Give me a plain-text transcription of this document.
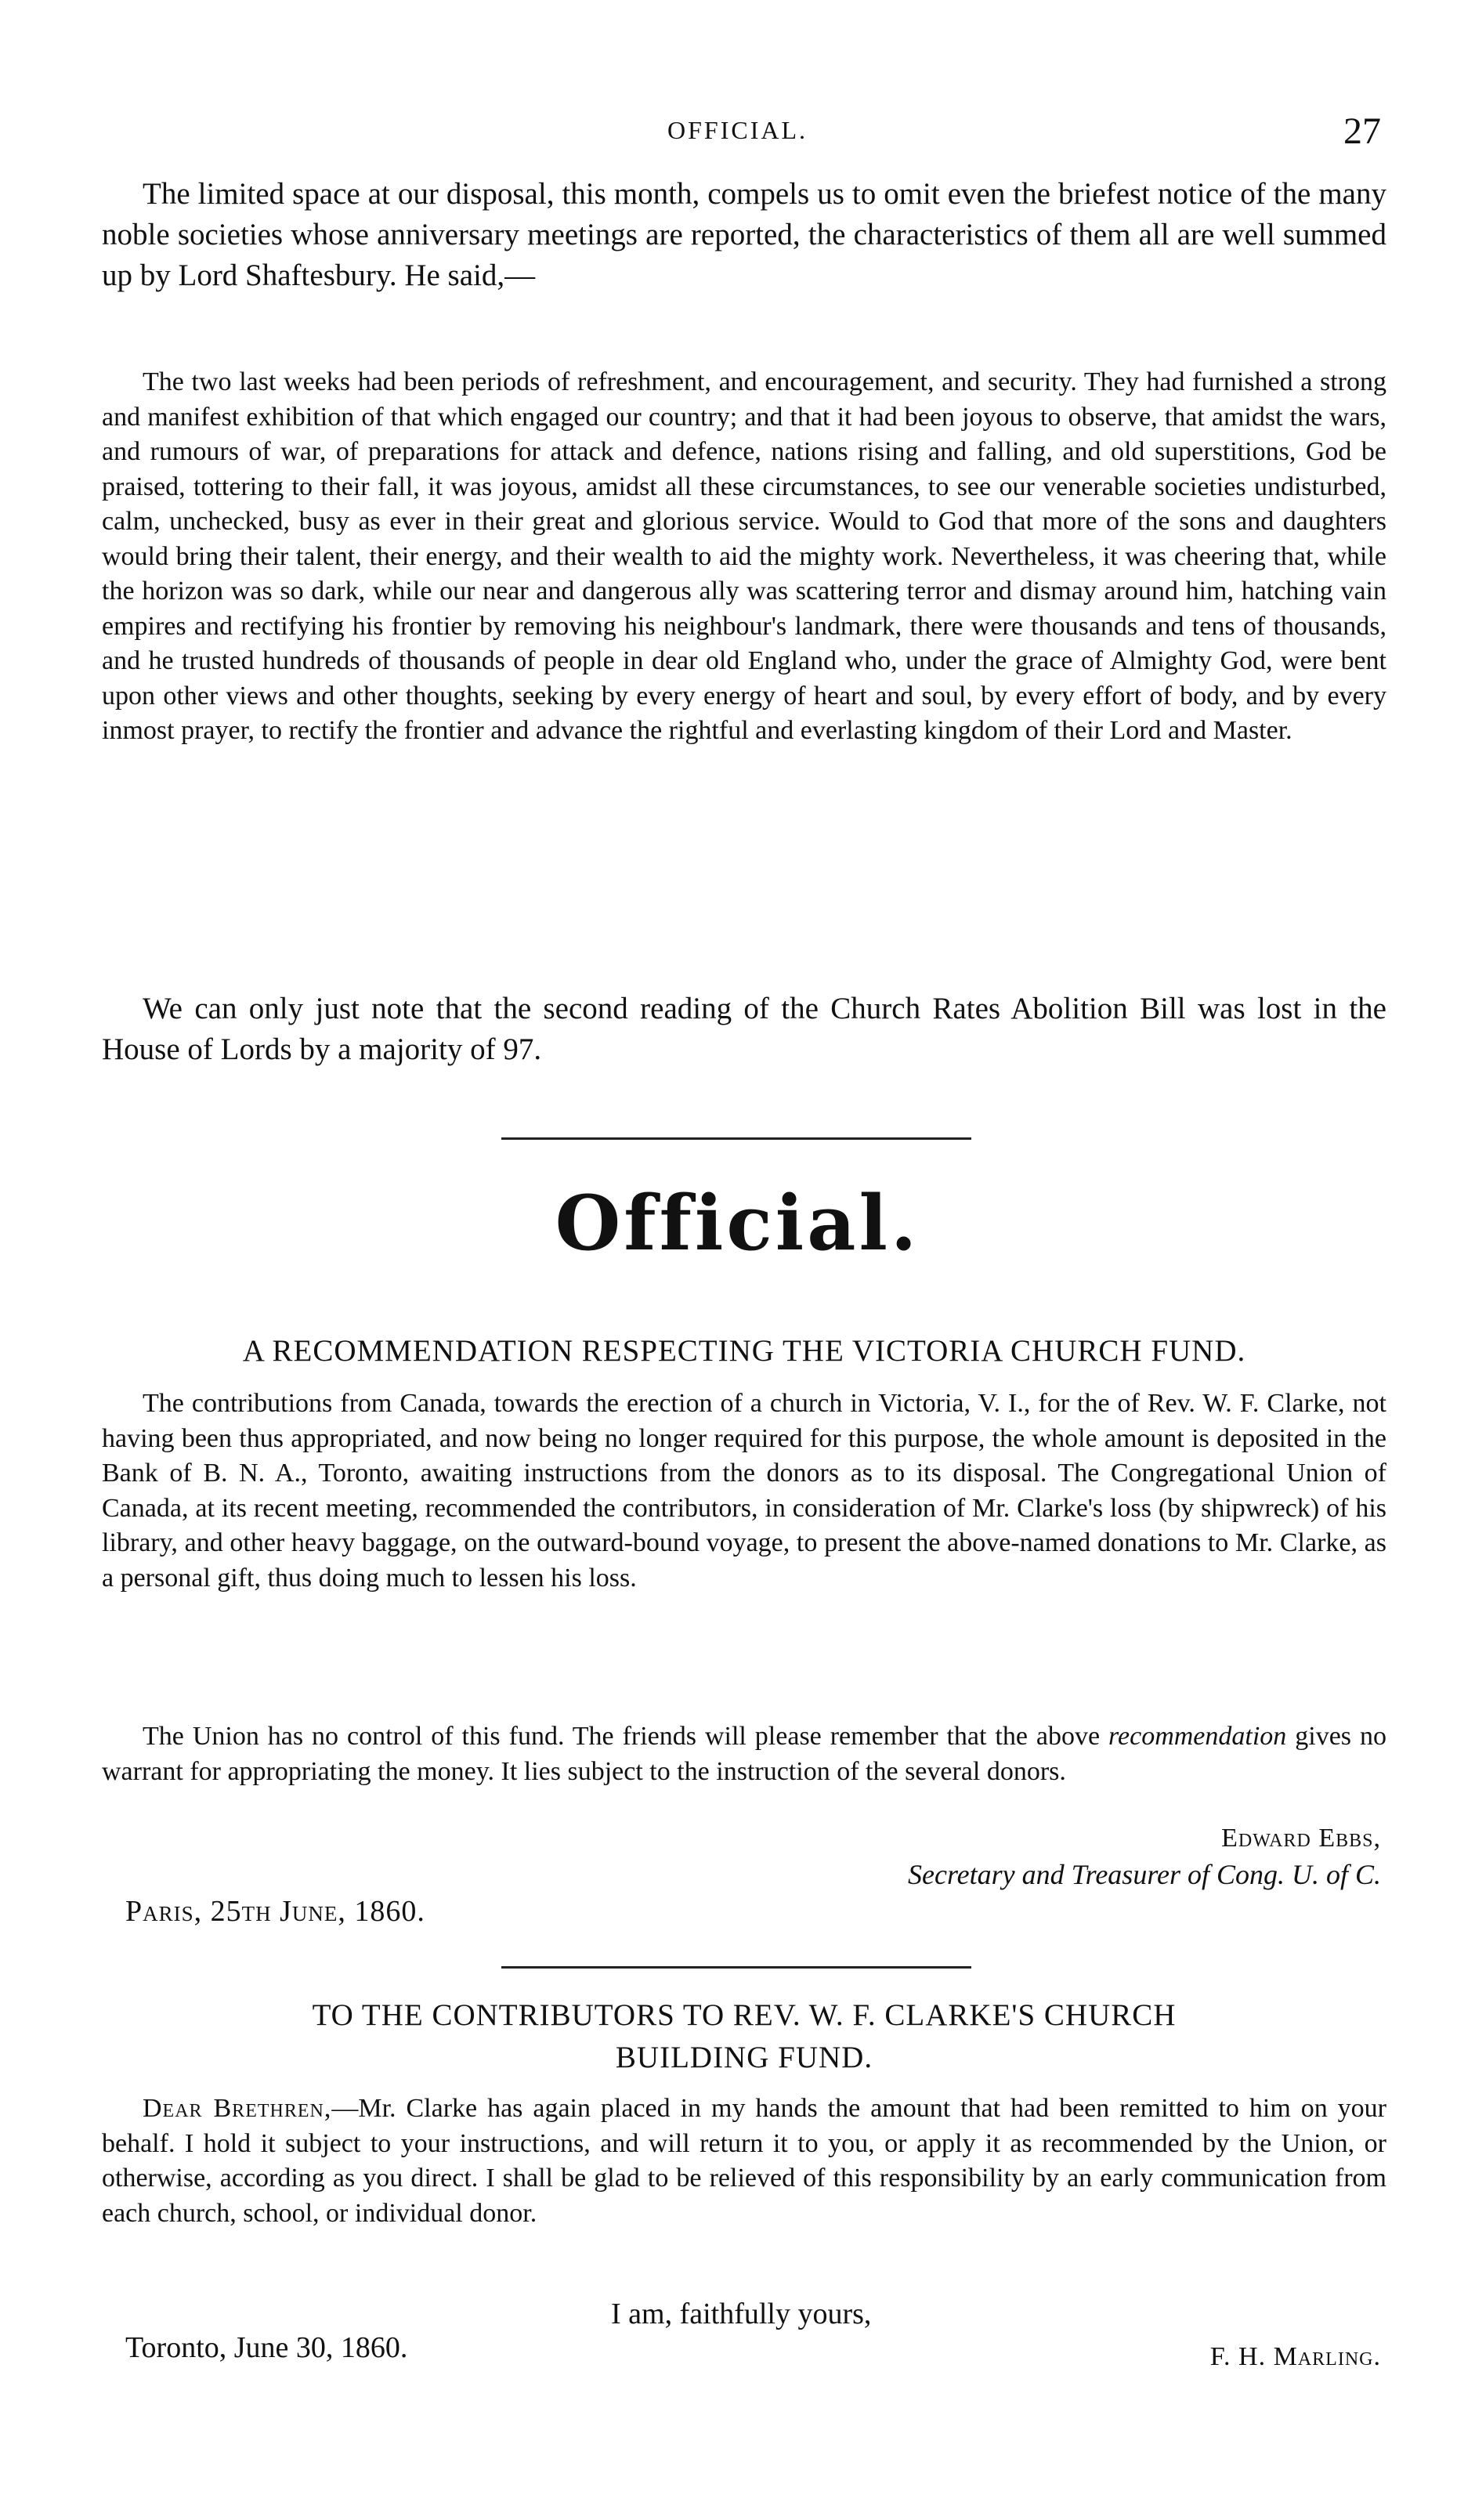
OFFICIAL.	27

The limited space at our disposal, this month, compels us to omit even the briefest notice of the many noble societies whose anniversary meetings are reported, the characteristics of them all are well summed up by Lord Shaftesbury. He said,—

The two last weeks had been periods of refreshment, and encouragement, and security. They had furnished a strong and manifest exhibition of that which engaged our country; and that it had been joyous to observe, that amidst the wars, and rumours of war, of preparations for attack and defence, nations rising and falling, and old superstitions, God be praised, tottering to their fall, it was joyous, amidst all these circumstances, to see our venerable societies undisturbed, calm, unchecked, busy as ever in their great and glorious service. Would to God that more of the sons and daughters would bring their talent, their energy, and their wealth to aid the mighty work. Nevertheless, it was cheering that, while the horizon was so dark, while our near and dangerous ally was scattering terror and dismay around him, hatching vain empires and rectifying his frontier by removing his neighbour's landmark, there were thousands and tens of thousands, and he trusted hundreds of thousands of people in dear old England who, under the grace of Almighty God, were bent upon other views and other thoughts, seeking by every energy of heart and soul, by every effort of body, and by every inmost prayer, to rectify the frontier and advance the rightful and everlasting kingdom of their Lord and Master.

We can only just note that the second reading of the Church Rates Abolition Bill was lost in the House of Lords by a majority of 97.

Official.
A RECOMMENDATION RESPECTING THE VICTORIA CHURCH FUND.

The contributions from Canada, towards the erection of a church in Victoria, V. I., for the of Rev. W. F. Clarke, not having been thus appropriated, and now being no longer required for this purpose, the whole amount is deposited in the Bank of B. N. A., Toronto, awaiting instructions from the donors as to its disposal. The Congregational Union of Canada, at its recent meeting, recommended the contributors, in consideration of Mr. Clarke's loss (by shipwreck) of his library, and other heavy baggage, on the outward-bound voyage, to present the above-named donations to Mr. Clarke, as a personal gift, thus doing much to lessen his loss.

The Union has no control of this fund. The friends will please remember that the above recommendation gives no warrant for appropriating the money. It lies subject to the instruction of the several donors.

Edward Ebbs,
Secretary and Treasurer of Cong. U. of C.
Paris, 25th June, 1860.
TO THE CONTRIBUTORS TO REV. W. F. CLARKE'S CHURCH
BUILDING FUND.

Dear Brethren,—Mr. Clarke has again placed in my hands the amount that had been remitted to him on your behalf. I hold it subject to your instructions, and will return it to you, or apply it as recommended by the Union, or otherwise, according as you direct. I shall be glad to be relieved of this responsibility by an early communication from each church, school, or individual donor.

I am, faithfully yours,
Toronto, June 30, 1860.	F. H. Marling.
